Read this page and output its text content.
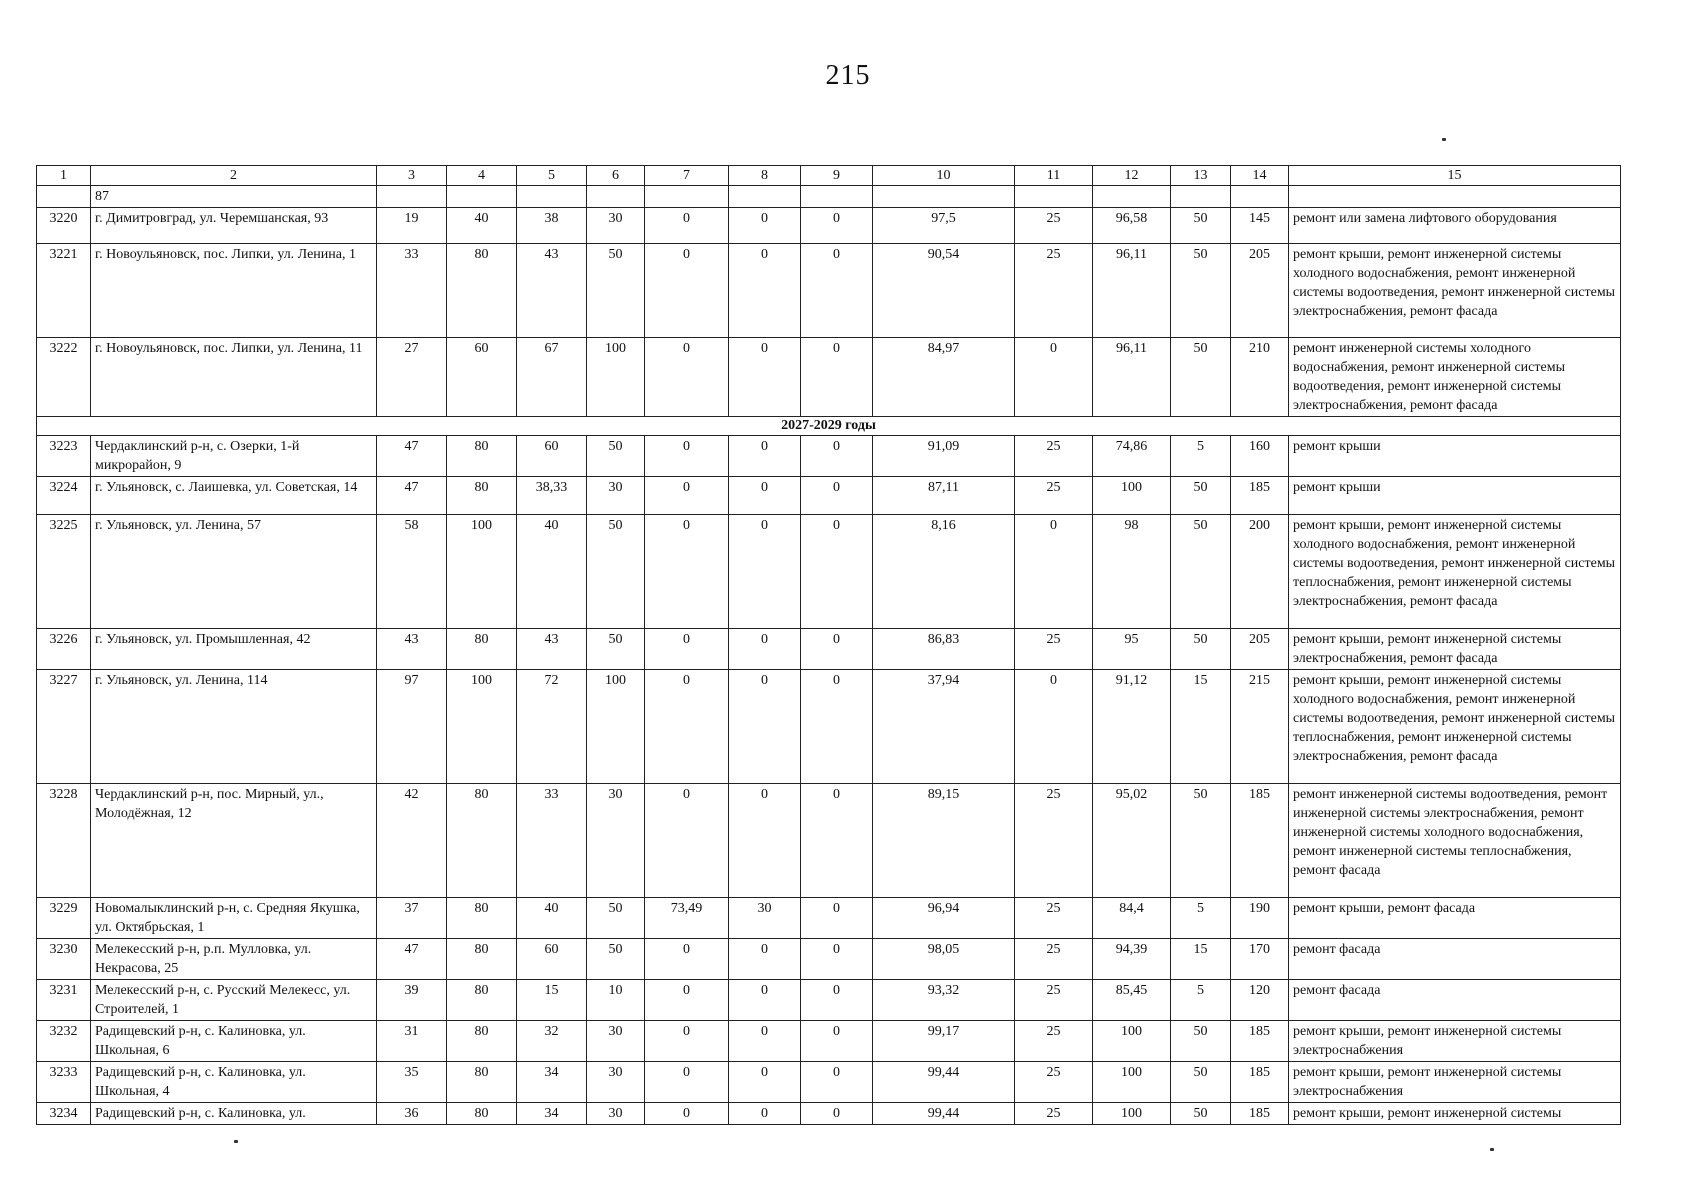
215
1	2	3	4	5	6	7	8	9	10	11	12	13	14	15
	87													
3220	г. Димитровград, ул. Черемшанская, 93	19	40	38	30	0	0	0	97,5	25	96,58	50	145	ремонт или замена лифтового оборудования
3221	г. Новоульяновск, пос. Липки, ул. Ленина, 1	33	80	43	50	0	0	0	90,54	25	96,11	50	205	ремонт крыши, ремонт инженерной системы холодного водоснабжения, ремонт инженерной системы водоотведения, ремонт инженерной системы электроснабжения, ремонт фасада
3222	г. Новоульяновск, пос. Липки, ул. Ленина, 11	27	60	67	100	0	0	0	84,97	0	96,11	50	210	ремонт инженерной системы холодного водоснабжения, ремонт инженерной системы водоотведения, ремонт инженерной системы электроснабжения, ремонт фасада
2027-2029 годы														
3223	Чердаклинский р-н, с. Озерки, 1-й микрорайон, 9	47	80	60	50	0	0	0	91,09	25	74,86	5	160	ремонт крыши
3224	г. Ульяновск, с. Лаишевка, ул. Советская, 14	47	80	38,33	30	0	0	0	87,11	25	100	50	185	ремонт крыши
3225	г. Ульяновск, ул. Ленина, 57	58	100	40	50	0	0	0	8,16	0	98	50	200	ремонт крыши, ремонт инженерной системы холодного водоснабжения, ремонт инженерной системы водоотведения, ремонт инженерной системы теплоснабжения, ремонт инженерной системы электроснабжения, ремонт фасада
3226	г. Ульяновск, ул. Промышленная, 42	43	80	43	50	0	0	0	86,83	25	95	50	205	ремонт крыши, ремонт инженерной системы электроснабжения, ремонт фасада
3227	г. Ульяновск, ул. Ленина, 114	97	100	72	100	0	0	0	37,94	0	91,12	15	215	ремонт крыши, ремонт инженерной системы холодного водоснабжения, ремонт инженерной системы водоотведения, ремонт инженерной системы теплоснабжения, ремонт инженерной системы электроснабжения, ремонт фасада
3228	Чердаклинский р-н, пос. Мирный, ул., Молодёжная, 12	42	80	33	30	0	0	0	89,15	25	95,02	50	185	ремонт инженерной системы водоотведения, ремонт инженерной системы электроснабжения, ремонт инженерной системы холодного водоснабжения, ремонт инженерной системы теплоснабжения, ремонт фасада
3229	Новомалыклинский р-н, с. Средняя Якушка, ул. Октябрьская, 1	37	80	40	50	73,49	30	0	96,94	25	84,4	5	190	ремонт крыши, ремонт фасада
3230	Мелекесский р-н, р.п. Мулловка, ул. Некрасова, 25	47	80	60	50	0	0	0	98,05	25	94,39	15	170	ремонт фасада
3231	Мелекесский р-н, с. Русский Мелекесс, ул. Строителей, 1	39	80	15	10	0	0	0	93,32	25	85,45	5	120	ремонт фасада
3232	Радищевский р-н, с. Калиновка, ул. Школьная, 6	31	80	32	30	0	0	0	99,17	25	100	50	185	ремонт крыши, ремонт инженерной системы электроснабжения
3233	Радищевский р-н, с. Калиновка, ул. Школьная, 4	35	80	34	30	0	0	0	99,44	25	100	50	185	ремонт крыши, ремонт инженерной системы электроснабжения
3234	Радищевский р-н, с. Калиновка, ул.	36	80	34	30	0	0	0	99,44	25	100	50	185	ремонт крыши, ремонт инженерной системы
